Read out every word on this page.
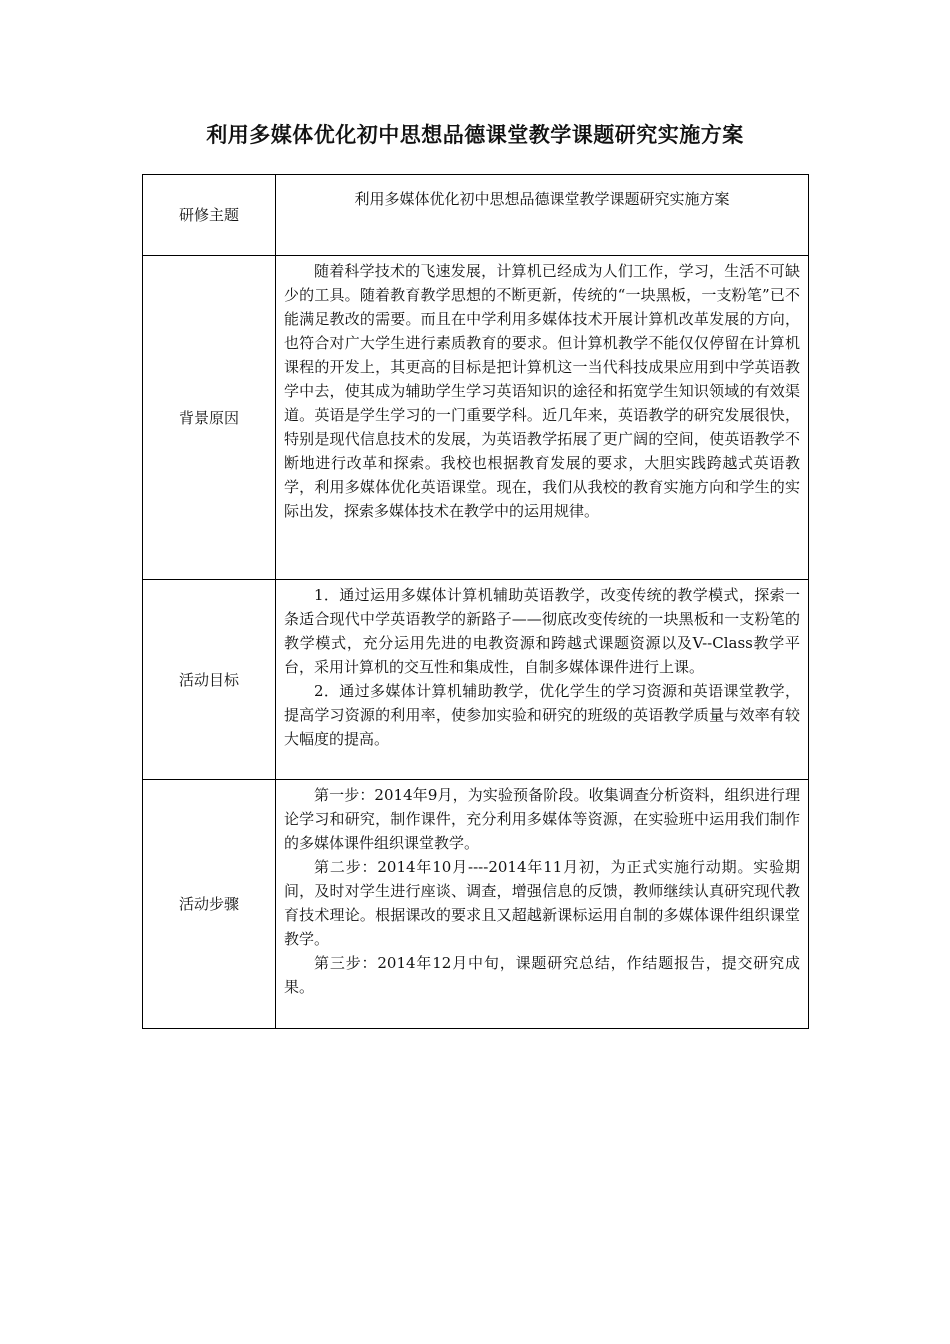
利用多媒体优化初中思想品德课堂教学课题研究实施方案
研修主题	利用多媒体优化初中思想品德课堂教学课题研究实施方案
背景原因	随着科学技术的飞速发展，计算机已经成为人们工作，学习，生活不可缺少的工具。随着教育教学思想的不断更新，传统的“一块黑板，一支粉笔”已不能满足教改的需要。而且在中学利用多媒体技术开展计算机改革发展的方向，也符合对广大学生进行素质教育的要求。但计算机教学不能仅仅停留在计算机课程的开发上，其更高的目标是把计算机这一当代科技成果应用到中学英语教学中去，使其成为辅助学生学习英语知识的途径和拓宽学生知识领域的有效渠道。英语是学生学习的一门重要学科。近几年来，英语教学的研究发展很快，特别是现代信息技术的发展，为英语教学拓展了更广阔的空间，使英语教学不断地进行改革和探索。我校也根据教育发展的要求，大胆实践跨越式英语教学，利用多媒体优化英语课堂。现在，我们从我校的教育实施方向和学生的实际出发，探索多媒体技术在教学中的运用规律。

活动目标	1．通过运用多媒体计算机辅助英语教学，改变传统的教学模式，探索一条适合现代中学英语教学的新路子——彻底改变传统的一块黑板和一支粉笔的教学模式，充分运用先进的电教资源和跨越式课题资源以及V--Class教学平台，采用计算机的交互性和集成性，自制多媒体课件进行上课。

2．通过多媒体计算机辅助教学，优化学生的学习资源和英语课堂教学，提高学习资源的利用率，使参加实验和研究的班级的英语教学质量与效率有较大幅度的提高。

活动步骤	第一步：2014年9月，为实验预备阶段。收集调查分析资料，组织进行理论学习和研究，制作课件，充分利用多媒体等资源，在实验班中运用我们制作的多媒体课件组织课堂教学。

第二步：2014年10月----2014年11月初，为正式实施行动期。实验期间，及时对学生进行座谈、调查，增强信息的反馈，教师继续认真研究现代教育技术理论。根据课改的要求且又超越新课标运用自制的多媒体课件组织课堂教学。

第三步：2014年12月中旬，课题研究总结，作结题报告，提交研究成果。
